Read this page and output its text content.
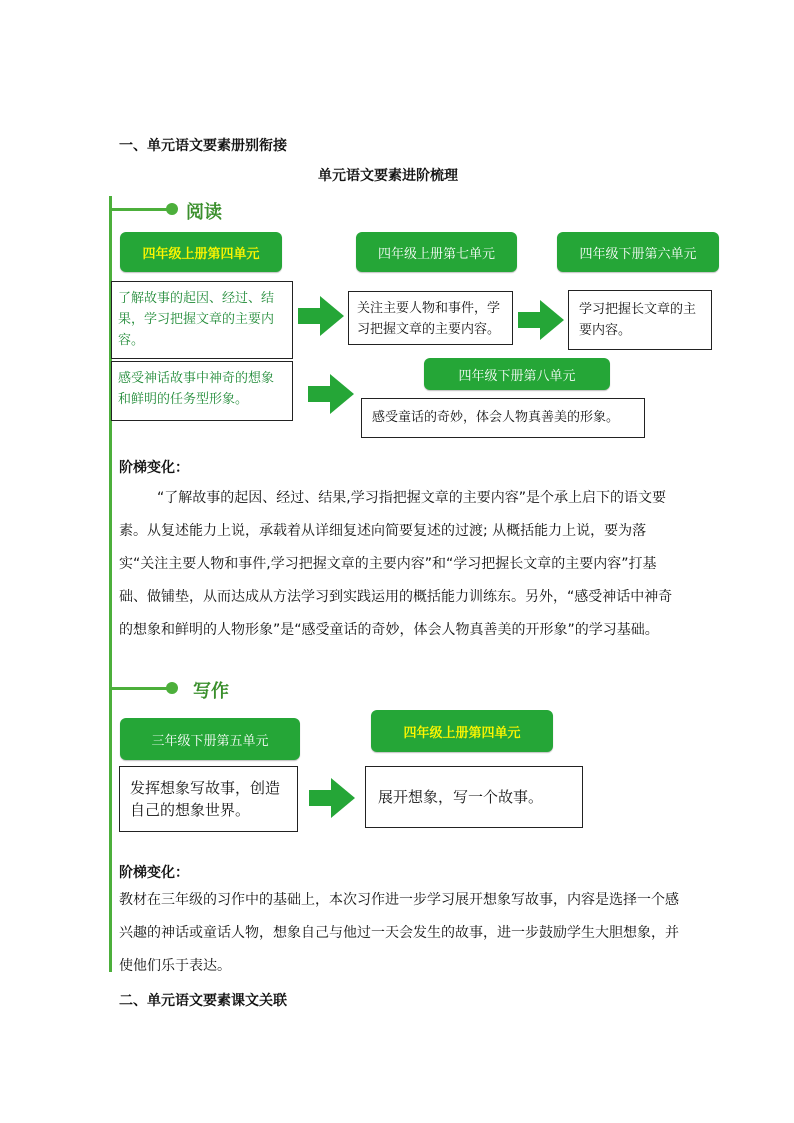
一、单元语文要素册别衔接
单元语文要素进阶梳理
阅读
四年级上册第四单元	四年级上册第七单元	四年级下册第六单元
了解故事的起因、经过、结果，学习把握文章的主要内容。
关注主要人物和事件，学习把握文章的主要内容。
学习把握长文章的主要内容。
感受神话故事中神奇的想象和鲜明的任务型形象。
四年级下册第八单元
感受童话的奇妙，体会人物真善美的形象。
阶梯变化：

“了解故事的起因、经过、结果,学习指把握文章的主要内容”是个承上启下的语文要素。从复述能力上说，承载着从详细复述向简要复述的过渡; 从概括能力上说，要为落实“关注主要人物和事件,学习把握文章的主要内容”和“学习把握长文章的主要内容”打基础、做铺垫，从而达成从方法学习到实践运用的概括能力训练东。另外，“感受神话中神奇的想象和鲜明的人物形象”是“感受童话的奇妙，体会人物真善美的开形象”的学习基础。

写作
三年级下册第五单元
四年级上册第四单元
发挥想象写故事，创造自己的想象世界。
展开想象，写一个故事。
阶梯变化：

教材在三年级的习作中的基础上，本次习作进一步学习展开想象写故事，内容是选择一个感兴趣的神话或童话人物，想象自己与他过一天会发生的故事，进一步鼓励学生大胆想象，并使他们乐于表达。

二、单元语文要素课文关联
